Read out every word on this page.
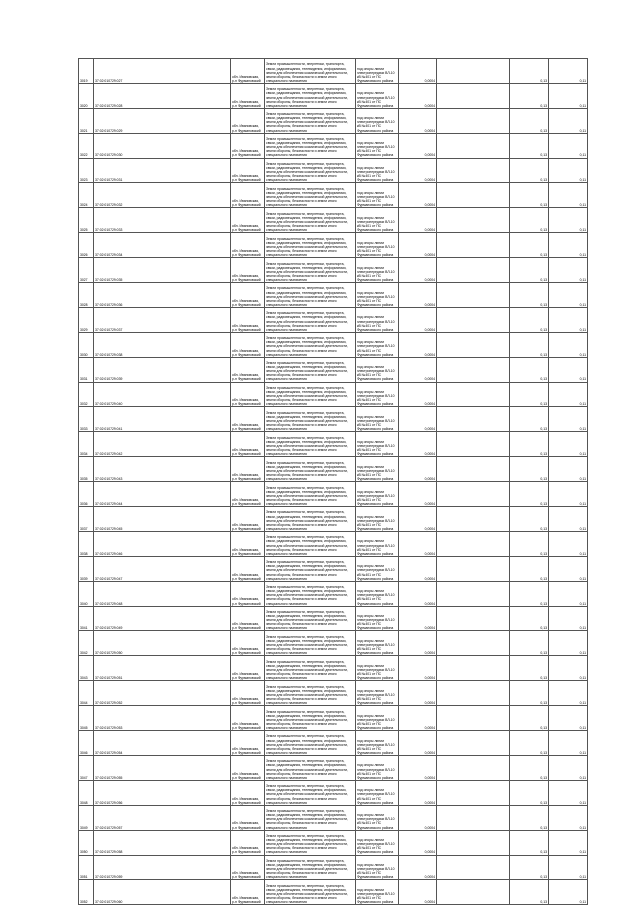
3019	37:02:010729:027	обл. Ивановская, р-н Фурмановский	Земли промышленности, энергетики, транспорта, связи, радиовещания, телевидения, информатики, земли для обеспечения космической деятельности, земли обороны, безопасности и земли иного специального назначения	под опоры линии электропередачи ВЛ-10 кВ №401 от ПС Фурмановского района	0,0004		0,13	0,11
3020	37:02:010729:028	обл. Ивановская, р-н Фурмановский	Земли промышленности, энергетики, транспорта, связи, радиовещания, телевидения, информатики, земли для обеспечения космической деятельности, земли обороны, безопасности и земли иного специального назначения	под опоры линии электропередачи ВЛ-10 кВ №401 от ПС Фурмановского района	0,0004		0,13	0,11
3021	37:02:010729:029	обл. Ивановская, р-н Фурмановский	Земли промышленности, энергетики, транспорта, связи, радиовещания, телевидения, информатики, земли для обеспечения космической деятельности, земли обороны, безопасности и земли иного специального назначения	под опоры линии электропередачи ВЛ-10 кВ №401 от ПС Фурмановского района	0,0004		0,13	0,11
3022	37:02:010729:030	обл. Ивановская, р-н Фурмановский	Земли промышленности, энергетики, транспорта, связи, радиовещания, телевидения, информатики, земли для обеспечения космической деятельности, земли обороны, безопасности и земли иного специального назначения	под опоры линии электропередачи ВЛ-10 кВ №401 от ПС Фурмановского района	0,0004		0,13	0,11
3023	37:02:010729:031	обл. Ивановская, р-н Фурмановский	Земли промышленности, энергетики, транспорта, связи, радиовещания, телевидения, информатики, земли для обеспечения космической деятельности, земли обороны, безопасности и земли иного специального назначения	под опоры линии электропередачи ВЛ-10 кВ №401 от ПС Фурмановского района	0,0004		0,13	0,11
3024	37:02:010729:032	обл. Ивановская, р-н Фурмановский	Земли промышленности, энергетики, транспорта, связи, радиовещания, телевидения, информатики, земли для обеспечения космической деятельности, земли обороны, безопасности и земли иного специального назначения	под опоры линии электропередачи ВЛ-10 кВ №401 от ПС Фурмановского района	0,0004		0,13	0,11
3025	37:02:010729:033	обл. Ивановская, р-н Фурмановский	Земли промышленности, энергетики, транспорта, связи, радиовещания, телевидения, информатики, земли для обеспечения космической деятельности, земли обороны, безопасности и земли иного специального назначения	под опоры линии электропередачи ВЛ-10 кВ №401 от ПС Фурмановского района	0,0004		0,13	0,11
3026	37:02:010729:034	обл. Ивановская, р-н Фурмановский	Земли промышленности, энергетики, транспорта, связи, радиовещания, телевидения, информатики, земли для обеспечения космической деятельности, земли обороны, безопасности и земли иного специального назначения	под опоры линии электропередачи ВЛ-10 кВ №401 от ПС Фурмановского района	0,0004		0,13	0,11
3027	37:02:010729:035	обл. Ивановская, р-н Фурмановский	Земли промышленности, энергетики, транспорта, связи, радиовещания, телевидения, информатики, земли для обеспечения космической деятельности, земли обороны, безопасности и земли иного специального назначения	под опоры линии электропередачи ВЛ-10 кВ №401 от ПС Фурмановского района	0,0004		0,13	0,11
3028	37:02:010729:036	обл. Ивановская, р-н Фурмановский	Земли промышленности, энергетики, транспорта, связи, радиовещания, телевидения, информатики, земли для обеспечения космической деятельности, земли обороны, безопасности и земли иного специального назначения	под опоры линии электропередачи ВЛ-10 кВ №401 от ПС Фурмановского района	0,0004		0,13	0,11
3029	37:02:010729:037	обл. Ивановская, р-н Фурмановский	Земли промышленности, энергетики, транспорта, связи, радиовещания, телевидения, информатики, земли для обеспечения космической деятельности, земли обороны, безопасности и земли иного специального назначения	под опоры линии электропередачи ВЛ-10 кВ №401 от ПС Фурмановского района	0,0004		0,13	0,11
3030	37:02:010729:038	обл. Ивановская, р-н Фурмановский	Земли промышленности, энергетики, транспорта, связи, радиовещания, телевидения, информатики, земли для обеспечения космической деятельности, земли обороны, безопасности и земли иного специального назначения	под опоры линии электропередачи ВЛ-10 кВ №401 от ПС Фурмановского района	0,0004		0,13	0,11
3031	37:02:010729:039	обл. Ивановская, р-н Фурмановский	Земли промышленности, энергетики, транспорта, связи, радиовещания, телевидения, информатики, земли для обеспечения космической деятельности, земли обороны, безопасности и земли иного специального назначения	под опоры линии электропередачи ВЛ-10 кВ №401 от ПС Фурмановского района	0,0004		0,13	0,11
3032	37:02:010729:040	обл. Ивановская, р-н Фурмановский	Земли промышленности, энергетики, транспорта, связи, радиовещания, телевидения, информатики, земли для обеспечения космической деятельности, земли обороны, безопасности и земли иного специального назначения	под опоры линии электропередачи ВЛ-10 кВ №401 от ПС Фурмановского района	0,0004		0,13	0,11
3033	37:02:010729:041	обл. Ивановская, р-н Фурмановский	Земли промышленности, энергетики, транспорта, связи, радиовещания, телевидения, информатики, земли для обеспечения космической деятельности, земли обороны, безопасности и земли иного специального назначения	под опоры линии электропередачи ВЛ-10 кВ №401 от ПС Фурмановского района	0,0004		0,13	0,11
3034	37:02:010729:042	обл. Ивановская, р-н Фурмановский	Земли промышленности, энергетики, транспорта, связи, радиовещания, телевидения, информатики, земли для обеспечения космической деятельности, земли обороны, безопасности и земли иного специального назначения	под опоры линии электропередачи ВЛ-10 кВ №401 от ПС Фурмановского района	0,0004		0,13	0,11
3035	37:02:010729:043	обл. Ивановская, р-н Фурмановский	Земли промышленности, энергетики, транспорта, связи, радиовещания, телевидения, информатики, земли для обеспечения космической деятельности, земли обороны, безопасности и земли иного специального назначения	под опоры линии электропередачи ВЛ-10 кВ №401 от ПС Фурмановского района	0,0004		0,13	0,11
3036	37:02:010729:044	обл. Ивановская, р-н Фурмановский	Земли промышленности, энергетики, транспорта, связи, радиовещания, телевидения, информатики, земли для обеспечения космической деятельности, земли обороны, безопасности и земли иного специального назначения	под опоры линии электропередачи ВЛ-10 кВ №401 от ПС Фурмановского района	0,0004		0,13	0,11
3037	37:02:010729:045	обл. Ивановская, р-н Фурмановский	Земли промышленности, энергетики, транспорта, связи, радиовещания, телевидения, информатики, земли для обеспечения космической деятельности, земли обороны, безопасности и земли иного специального назначения	под опоры линии электропередачи ВЛ-10 кВ №401 от ПС Фурмановского района	0,0004		0,13	0,11
3038	37:02:010729:046	обл. Ивановская, р-н Фурмановский	Земли промышленности, энергетики, транспорта, связи, радиовещания, телевидения, информатики, земли для обеспечения космической деятельности, земли обороны, безопасности и земли иного специального назначения	под опоры линии электропередачи ВЛ-10 кВ №401 от ПС Фурмановского района	0,0004		0,13	0,11
3039	37:02:010729:047	обл. Ивановская, р-н Фурмановский	Земли промышленности, энергетики, транспорта, связи, радиовещания, телевидения, информатики, земли для обеспечения космической деятельности, земли обороны, безопасности и земли иного специального назначения	под опоры линии электропередачи ВЛ-10 кВ №401 от ПС Фурмановского района	0,0004		0,13	0,11
3040	37:02:010729:048	обл. Ивановская, р-н Фурмановский	Земли промышленности, энергетики, транспорта, связи, радиовещания, телевидения, информатики, земли для обеспечения космической деятельности, земли обороны, безопасности и земли иного специального назначения	под опоры линии электропередачи ВЛ-10 кВ №401 от ПС Фурмановского района	0,0004		0,13	0,11
3041	37:02:010729:049	обл. Ивановская, р-н Фурмановский	Земли промышленности, энергетики, транспорта, связи, радиовещания, телевидения, информатики, земли для обеспечения космической деятельности, земли обороны, безопасности и земли иного специального назначения	под опоры линии электропередачи ВЛ-10 кВ №401 от ПС Фурмановского района	0,0004		0,13	0,11
3042	37:02:010729:050	обл. Ивановская, р-н Фурмановский	Земли промышленности, энергетики, транспорта, связи, радиовещания, телевидения, информатики, земли для обеспечения космической деятельности, земли обороны, безопасности и земли иного специального назначения	под опоры линии электропередачи ВЛ-10 кВ №401 от ПС Фурмановского района	0,0004		0,13	0,11
3043	37:02:010729:051	обл. Ивановская, р-н Фурмановский	Земли промышленности, энергетики, транспорта, связи, радиовещания, телевидения, информатики, земли для обеспечения космической деятельности, земли обороны, безопасности и земли иного специального назначения	под опоры линии электропередачи ВЛ-10 кВ №401 от ПС Фурмановского района	0,0004		0,13	0,11
3044	37:02:010729:052	обл. Ивановская, р-н Фурмановский	Земли промышленности, энергетики, транспорта, связи, радиовещания, телевидения, информатики, земли для обеспечения космической деятельности, земли обороны, безопасности и земли иного специального назначения	под опоры линии электропередачи ВЛ-10 кВ №401 от ПС Фурмановского района	0,0004		0,13	0,11
3045	37:02:010729:053	обл. Ивановская, р-н Фурмановский	Земли промышленности, энергетики, транспорта, связи, радиовещания, телевидения, информатики, земли для обеспечения космической деятельности, земли обороны, безопасности и земли иного специального назначения	под опоры линии электропередачи ВЛ-10 кВ №401 от ПС Фурмановского района	0,0004		0,13	0,11
3046	37:02:010729:054	обл. Ивановская, р-н Фурмановский	Земли промышленности, энергетики, транспорта, связи, радиовещания, телевидения, информатики, земли для обеспечения космической деятельности, земли обороны, безопасности и земли иного специального назначения	под опоры линии электропередачи ВЛ-10 кВ №401 от ПС Фурмановского района	0,0004		0,13	0,11
3047	37:02:010729:055	обл. Ивановская, р-н Фурмановский	Земли промышленности, энергетики, транспорта, связи, радиовещания, телевидения, информатики, земли для обеспечения космической деятельности, земли обороны, безопасности и земли иного специального назначения	под опоры линии электропередачи ВЛ-10 кВ №401 от ПС Фурмановского района	0,0004		0,13	0,11
3048	37:02:010729:056	обл. Ивановская, р-н Фурмановский	Земли промышленности, энергетики, транспорта, связи, радиовещания, телевидения, информатики, земли для обеспечения космической деятельности, земли обороны, безопасности и земли иного специального назначения	под опоры линии электропередачи ВЛ-10 кВ №401 от ПС Фурмановского района	0,0004		0,13	0,11
3049	37:02:010729:057	обл. Ивановская, р-н Фурмановский	Земли промышленности, энергетики, транспорта, связи, радиовещания, телевидения, информатики, земли для обеспечения космической деятельности, земли обороны, безопасности и земли иного специального назначения	под опоры линии электропередачи ВЛ-10 кВ №401 от ПС Фурмановского района	0,0004		0,13	0,11
3050	37:02:010729:058	обл. Ивановская, р-н Фурмановский	Земли промышленности, энергетики, транспорта, связи, радиовещания, телевидения, информатики, земли для обеспечения космической деятельности, земли обороны, безопасности и земли иного специального назначения	под опоры линии электропередачи ВЛ-10 кВ №401 от ПС Фурмановского района	0,0004		0,13	0,11
3051	37:02:010729:059	обл. Ивановская, р-н Фурмановский	Земли промышленности, энергетики, транспорта, связи, радиовещания, телевидения, информатики, земли для обеспечения космической деятельности, земли обороны, безопасности и земли иного специального назначения	под опоры линии электропередачи ВЛ-10 кВ №401 от ПС Фурмановского района	0,0004		0,13	0,11
3052	37:02:010729:060	обл. Ивановская, р-н Фурмановский	Земли промышленности, энергетики, транспорта, связи, радиовещания, телевидения, информатики, земли для обеспечения космической деятельности, земли обороны, безопасности и земли иного специального назначения	под опоры линии электропередачи ВЛ-10 кВ №401 от ПС Фурмановского района	0,0004		0,13	0,11
